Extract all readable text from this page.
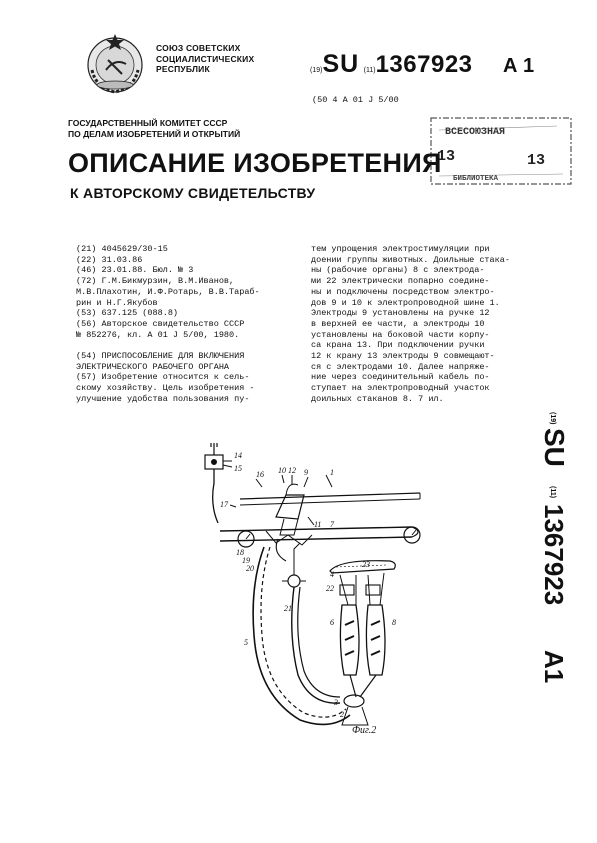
СОЮЗ СОВЕТСКИХ
СОЦИАЛИСТИЧЕСКИХ
РЕСПУБЛИК	(19)SU (11)1367923 А 1
(50 4 А 01 J 5/00
ГОСУДАРСТВЕННЫЙ КОМИТЕТ СССР
ПО ДЕЛАМ ИЗОБРЕТЕНИЙ И ОТКРЫТИЙ	ВСЕСОЮЗНАЯ
13	13
БИБЛИОТЕКА
ОПИСАНИЕ ИЗОБРЕТЕНИЯ
К АВТОРСКОМУ СВИДЕТЕЛЬСТВУ
(21) 4045629/30-15
(22) 31.03.86
(46) 23.01.88. Бюл. № 3
(72) Г.М.Бикмурзин, В.М.Иванов,
М.В.Плахотин, И.Ф.Ротарь, В.В.Тараб-
рин и Н.Г.Якубов
(53) 637.125 (088.8)
(56) Авторское свидетельство СССР
№ 852276, кл. А 01 J 5/00, 1980.

(54) ПРИСПОСОБЛЕНИЕ ДЛЯ ВКЛЮЧЕНИЯ
ЭЛЕКТРИЧЕСКОГО РАБОЧЕГО ОРГАНА
(57) Изобретение относится к сель-
скому хозяйству. Цель изобретения -
улучшение удобства пользования пу-
тем упрощения электростимуляции при
доении группы животных. Доильные стака-
ны (рабочие органы) 8 с электрода-
ми 22 электрически попарно соедине-
ны и подключены посредством электро-
дов 9 и 10 к электропроводной шине 1.
Электроды 9 установлены на ручке 12
в верхней ее части, а электроды 10
установлены на боковой части корпу-
са крана 13. При подключении ручки
12 к крану 13 электроды 9 совмещают-
ся с электродами 10. Далее напряже-
ние через соединительный кабель по-
ступает на электропроводный участок
доильных стаканов 8. 7 ил.
(19)
SU
(11)
1367923
А1
14
15
16 10 12 9	1
17
11 7
18
19
20
4
22
23
21
6	8
5
3
2
Фиг.2
